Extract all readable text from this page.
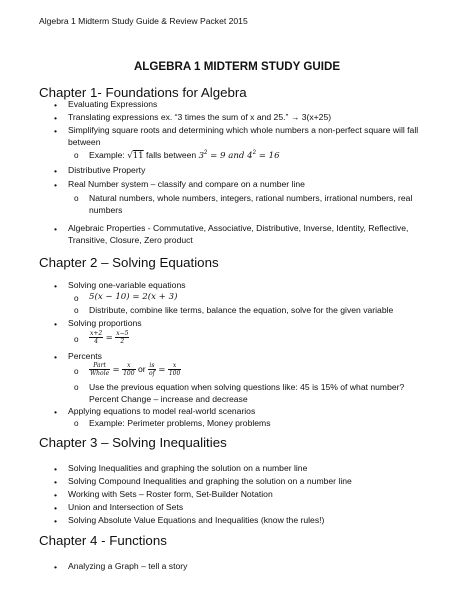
Algebra 1 Midterm Study Guide & Review Packet 2015
ALGEBRA 1 MIDTERM STUDY GUIDE
Chapter 1- Foundations for Algebra
• Evaluating Expressions
• Translating expressions ex. “3 times the sum of x and 25.” → 3(x+25)
• Simplifying square roots and determining which whole numbers a non-perfect square will fall
between
o Example: √11 falls between $3^2 = 9$ and $4^2 = 16$
• Distributive Property
• Real Number system – classify and compare on a number line
o Natural numbers, whole numbers, integers, rational numbers, irrational numbers, real
numbers
• Algebraic Properties - Commutative, Associative, Distributive, Inverse, Identity, Reflective,
Transitive, Closure, Zero product
Chapter 2 – Solving Equations
• Solving one-variable equations
o 5(x − 10) = 2(x + 3)
o Distribute, combine like terms, balance the equation, solve for the given variable
• Solving proportions
o $\frac{x+2}{4} = \frac{x-5}{2}$
• Percents
o $\frac{\text{Part}}{\text{Whole}} = \frac{x}{100}$ or $\frac{is}{of} = \frac{x}{100}$
o Use the previous equation when solving questions like: 45 is 15% of what number?
Percent Change – increase and decrease
• Applying equations to model real-world scenarios
o Example: Perimeter problems, Money problems
Chapter 3 – Solving Inequalities
• Solving Inequalities and graphing the solution on a number line
• Solving Compound Inequalities and graphing the solution on a number line
• Working with Sets – Roster form, Set-Builder Notation
• Union and Intersection of Sets
• Solving Absolute Value Equations and Inequalities (know the rules!)
Chapter 4 - Functions
• Analyzing a Graph – tell a story
